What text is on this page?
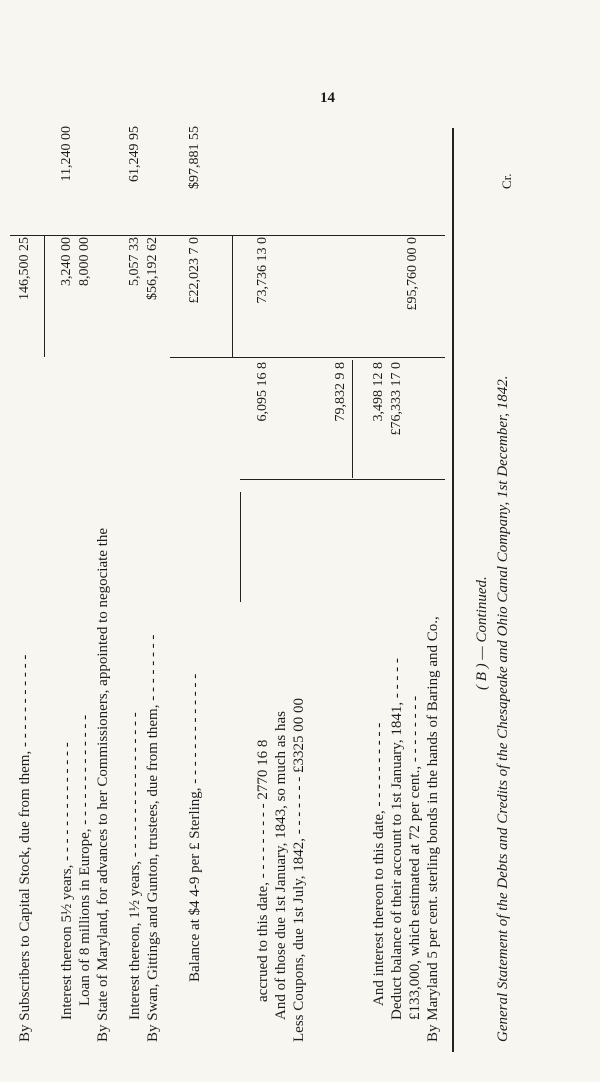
14
( B ) — Continued. General Statement of the Debts and Credits of the Chesapeake and Ohio Canal Company, 1st December, 1842.
Cr.
By Maryland 5 per cent. sterling bonds in the hands of Baring and Co.,
£133,000, which estimated at 72 per cent., - - - - - - - -
Deduct balance of their account to 1st January, 1841, - - - - -
And interest thereon to this date, - - - - - - - - - -
£95,760 00 0
£76,333 17 0
3,498 12 8
79,832 9 8
Less Coupons, due 1st July, 1842, - - - - - - - £3325 00 00
And of those due 1st January, 1843, so much as has
accrued to this date, - - - - - - - - - 2770 16 8
6,095 16 8
73,736 13 0
Balance at $4 4-9 per £ Sterling, - - - - - - - - - - - - -
£22,023 7 0
$97,881 55
By Swan, Gittings and Gunton, trustees, due from them, - - - - - - - -
Interest thereon, 1½ years, - - - - - - - - - - - - - - - - -
$56,192 62
5,057 33
61,249 95
By State of Maryland, for advances to her Commissioners, appointed to negociate the
Loan of 8 millions in Europe, - - - - - - - - - - - - -
Interest thereon 5½ years, - - - - - - - - - - - - - -
8,000 00
3,240 00
11,240 00
By Subscribers to Capital Stock, due from them, - - - - - - - - - - -
146,500 25
